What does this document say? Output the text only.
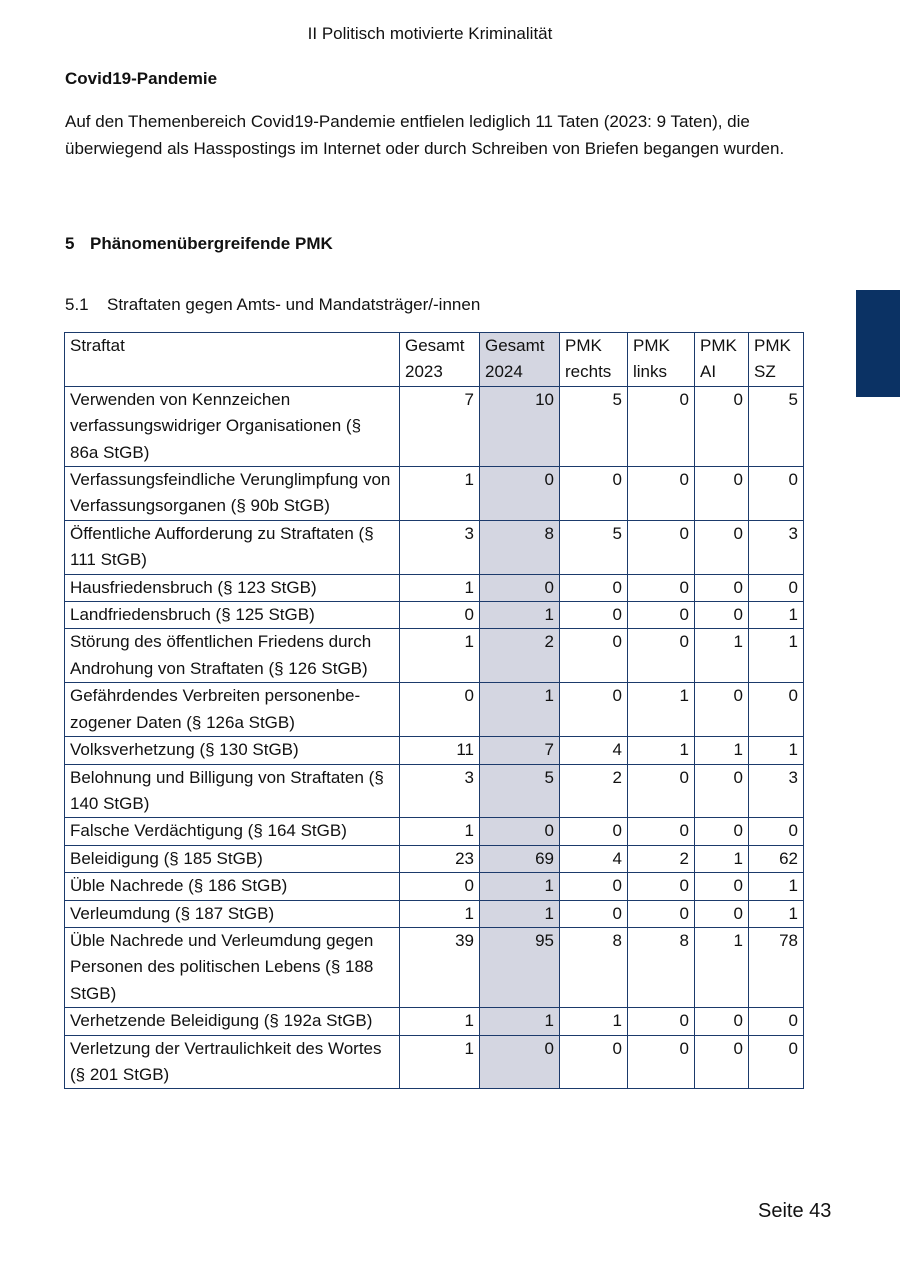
II Politisch motivierte Kriminalität
Covid19-Pandemie

Auf den Themenbereich Covid19-Pandemie entfielen lediglich 11 Taten (2023: 9 Taten), die überwiegend als Hasspostings im Internet oder durch Schreiben von Briefen begangen wurden.

5 Phänomenübergreifende PMK
5.1 Straftaten gegen Amts- und Mandatsträger/-innen
Straftat	Gesamt 2023	Gesamt 2024	PMK rechts	PMK links	PMK AI	PMK SZ
Verwenden von Kennzeichen verfassungswidriger Organisationen (§ 86a StGB)	7	10	5	0	0	5
Verfassungsfeindliche Verunglimpfung von Verfassungsorganen (§ 90b StGB)	1	0	0	0	0	0
Öffentliche Aufforderung zu Straftaten (§ 111 StGB)	3	8	5	0	0	3
Hausfriedensbruch (§ 123 StGB)	1	0	0	0	0	0
Landfriedensbruch (§ 125 StGB)	0	1	0	0	0	1
Störung des öffentlichen Friedens durch Androhung von Straftaten (§ 126 StGB)	1	2	0	0	1	1
Gefährdendes Verbreiten personenbezogener Daten (§ 126a StGB)	0	1	0	1	0	0
Volksverhetzung (§ 130 StGB)	11	7	4	1	1	1
Belohnung und Billigung von Straftaten (§ 140 StGB)	3	5	2	0	0	3
Falsche Verdächtigung (§ 164 StGB)	1	0	0	0	0	0
Beleidigung (§ 185 StGB)	23	69	4	2	1	62
Üble Nachrede (§ 186 StGB)	0	1	0	0	0	1
Verleumdung (§ 187 StGB)	1	1	0	0	0	1
Üble Nachrede und Verleumdung gegen Personen des politischen Lebens (§ 188 StGB)	39	95	8	8	1	78
Verhetzende Beleidigung (§ 192a StGB)	1	1	1	0	0	0
Verletzung der Vertraulichkeit des Wortes (§ 201 StGB)	1	0	0	0	0	0
Seite 43
